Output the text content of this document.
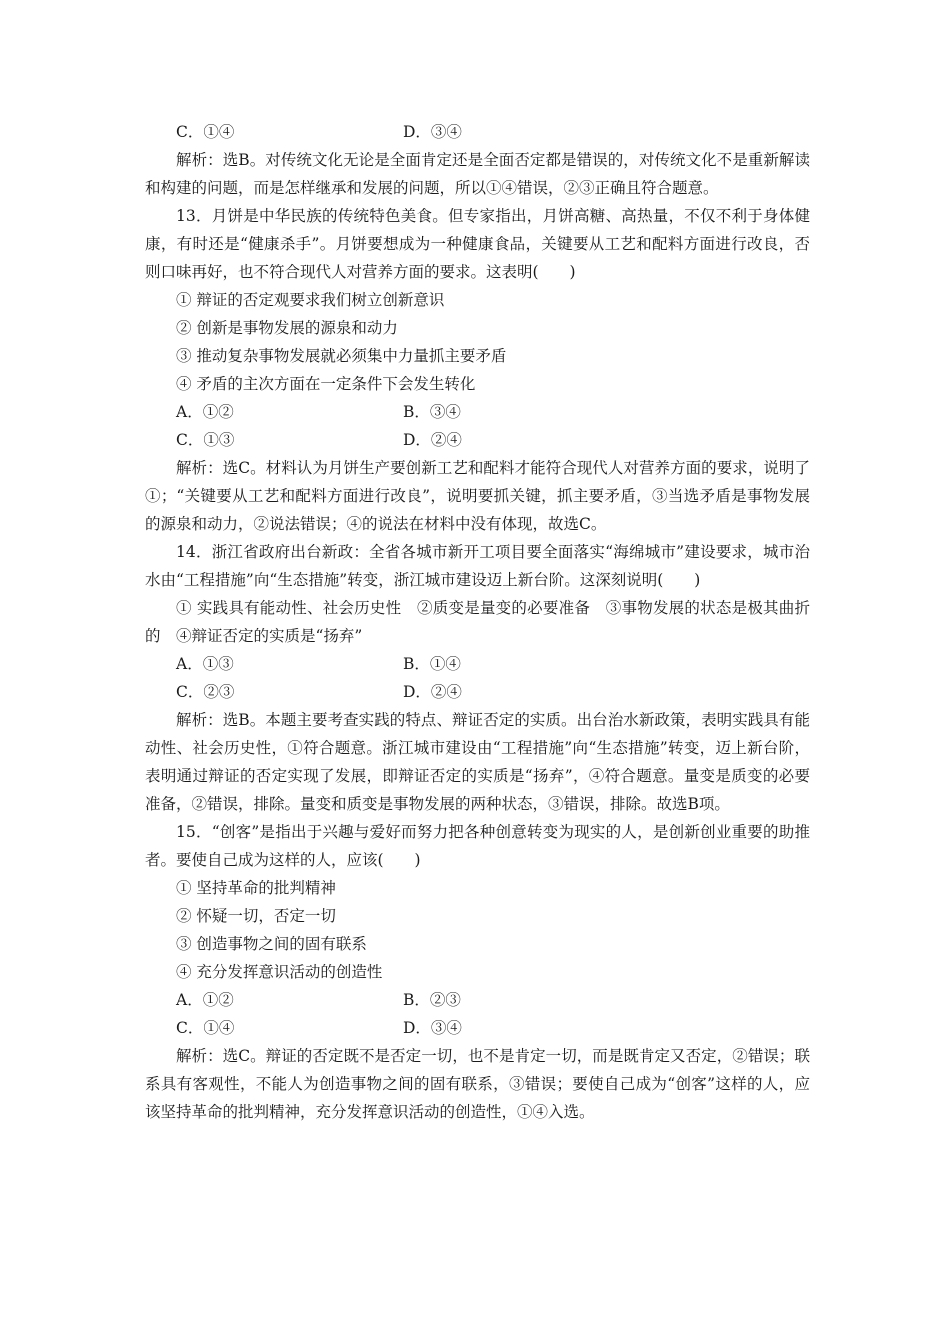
C．①④	D．③④

解析：选B。对传统文化无论是全面肯定还是全面否定都是错误的，对传统文化不是重新解读和构建的问题，而是怎样继承和发展的问题，所以①④错误，②③正确且符合题意。

13．月饼是中华民族的传统特色美食。但专家指出，月饼高糖、高热量，不仅不利于身体健康，有时还是“健康杀手”。月饼要想成为一种健康食品，关键要从工艺和配料方面进行改良，否则口味再好，也不符合现代人对营养方面的要求。这表明(　　)

① 辩证的否定观要求我们树立创新意识

② 创新是事物发展的源泉和动力

③ 推动复杂事物发展就必须集中力量抓主要矛盾

④ 矛盾的主次方面在一定条件下会发生转化

A．①②	B．③④
C．①③	D．②④

解析：选C。材料认为月饼生产要创新工艺和配料才能符合现代人对营养方面的要求，说明了①；“关键要从工艺和配料方面进行改良”，说明要抓关键，抓主要矛盾，③当选矛盾是事物发展的源泉和动力，②说法错误；④的说法在材料中没有体现，故选C。

14．浙江省政府出台新政：全省各城市新开工项目要全面落实“海绵城市”建设要求，城市治水由“工程措施”向“生态措施”转变，浙江城市建设迈上新台阶。这深刻说明(　　)

① 实践具有能动性、社会历史性　②质变是量变的必要准备　③事物发展的状态是极其曲折的　④辩证否定的实质是“扬弃”

A．①③	B．①④
C．②③	D．②④

解析：选B。本题主要考查实践的特点、辩证否定的实质。出台治水新政策，表明实践具有能动性、社会历史性，①符合题意。浙江城市建设由“工程措施”向“生态措施”转变，迈上新台阶，表明通过辩证的否定实现了发展，即辩证否定的实质是“扬弃”，④符合题意。量变是质变的必要准备，②错误，排除。量变和质变是事物发展的两种状态，③错误，排除。故选B项。

15．“创客”是指出于兴趣与爱好而努力把各种创意转变为现实的人，是创新创业重要的助推者。要使自己成为这样的人，应该(　　)

① 坚持革命的批判精神

② 怀疑一切，否定一切

③ 创造事物之间的固有联系

④ 充分发挥意识活动的创造性

A．①②	B．②③
C．①④	D．③④

解析：选C。辩证的否定既不是否定一切，也不是肯定一切，而是既肯定又否定，②错误；联系具有客观性，不能人为创造事物之间的固有联系，③错误；要使自己成为“创客”这样的人，应该坚持革命的批判精神，充分发挥意识活动的创造性，①④入选。
